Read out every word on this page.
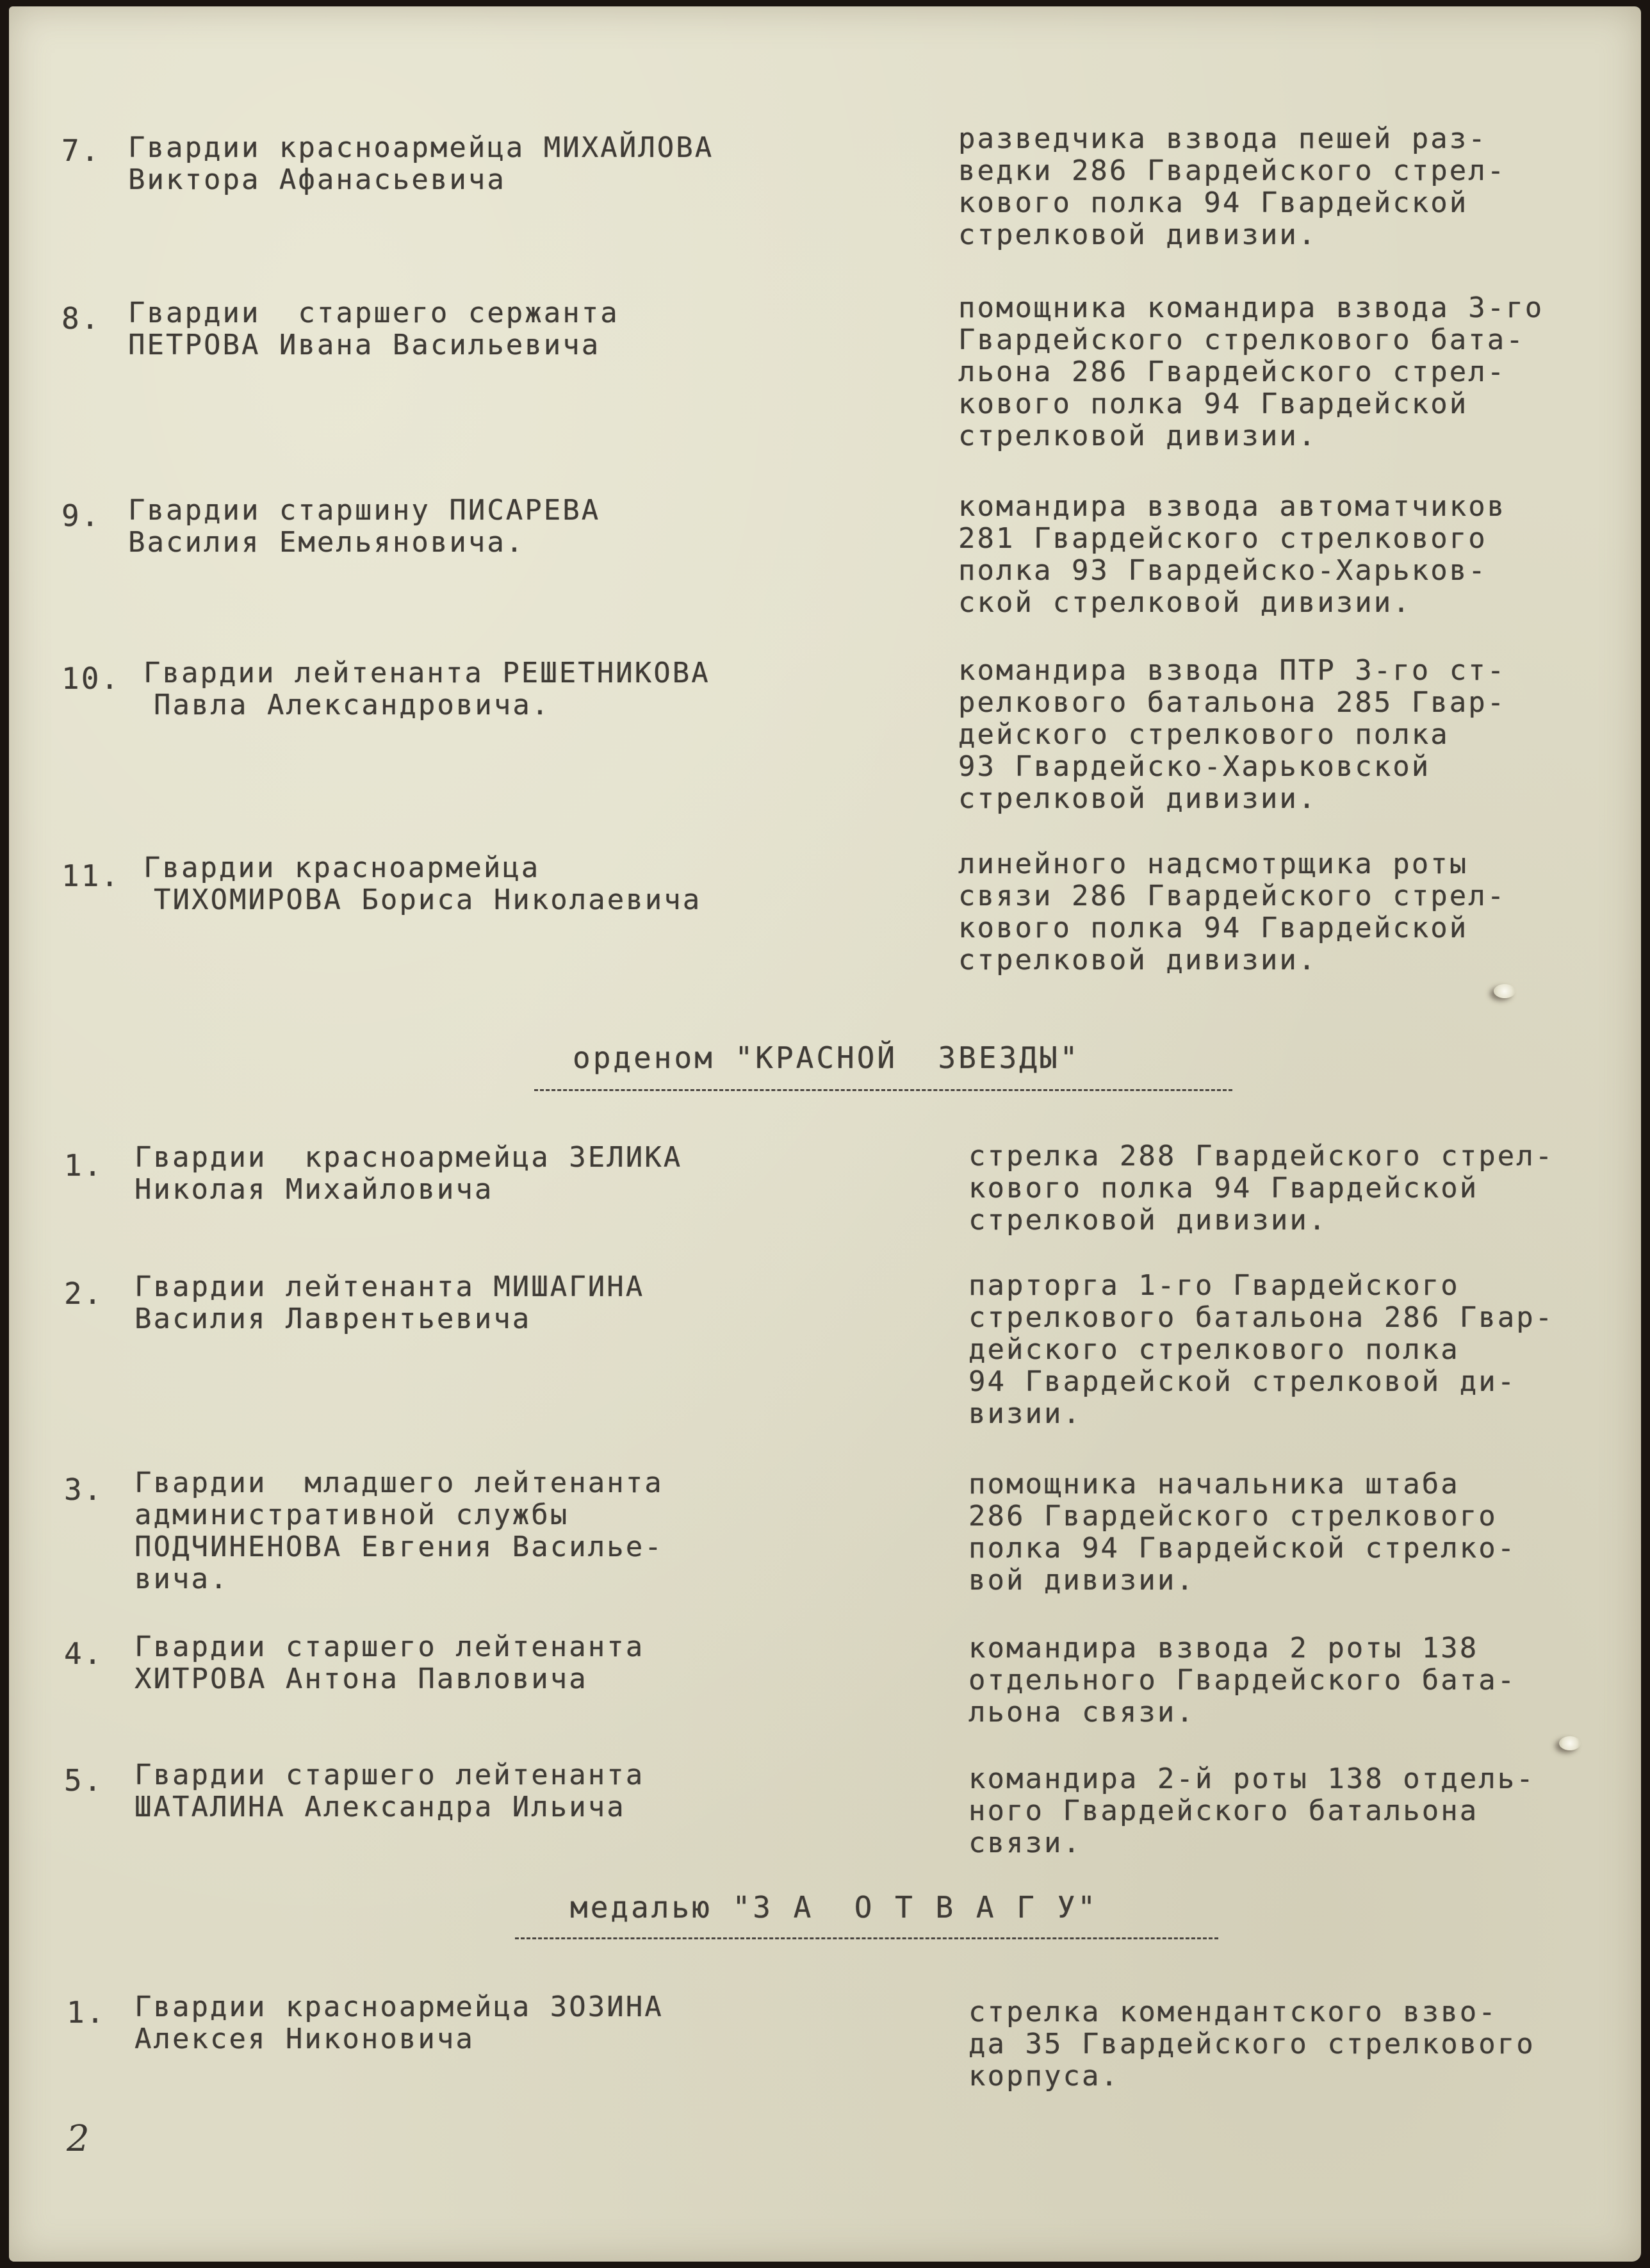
7. Гвардии красноармейца МИХАЙЛОВА
Виктора Афанасьевича
разведчика взвода пешей раз-
ведки 286 Гвардейского стрел-
кового полка 94 Гвардейской
стрелковой дивизии.
8. Гвардии  старшего сержанта
ПЕТРОВА Ивана Васильевича
помощника командира взвода 3-го
Гвардейского стрелкового бата-
льона 286 Гвардейского стрел-
кового полка 94 Гвардейской
стрелковой дивизии.
9. Гвардии старшину ПИСАРЕВА
Василия Емельяновича.
командира взвода автоматчиков
281 Гвардейского стрелкового
полка 93 Гвардейско-Харьков-
ской стрелковой дивизии.
10. Гвардии лейтенанта РЕШЕТНИКОВА
Павла Александровича.
командира взвода ПТР 3-го ст-
релкового батальона 285 Гвар-
дейского стрелкового полка
93 Гвардейско-Харьковской
стрелковой дивизии.
11. Гвардии красноармейца
ТИХОМИРОВА Бориса Николаевича
линейного надсмотрщика роты
связи 286 Гвардейского стрел-
кового полка 94 Гвардейской
стрелковой дивизии.
орденом "КРАСНОЙ  ЗВЕЗДЫ"
1. Гвардии  красноармейца ЗЕЛИКА
Николая Михайловича
стрелка 288 Гвардейского стрел-
кового полка 94 Гвардейской
стрелковой дивизии.
2. Гвардии лейтенанта МИШАГИНА
Василия Лаврентьевича
парторга 1-го Гвардейского
стрелкового батальона 286 Гвар-
дейского стрелкового полка
94 Гвардейской стрелковой ди-
визии.
3. Гвардии  младшего лейтенанта
административной службы
ПОДЧИНЕНОВА Евгения Василье-
вича.
помощника начальника штаба
286 Гвардейского стрелкового
полка 94 Гвардейской стрелко-
вой дивизии.
4. Гвардии старшего лейтенанта
ХИТРОВА Антона Павловича
командира взвода 2 роты 138
отдельного Гвардейского бата-
льона связи.
5. Гвардии старшего лейтенанта
ШАТАЛИНА Александра Ильича
командира 2-й роты 138 отдель-
ного Гвардейского батальона
связи.
медалью "З А  О Т В А Г У"
1. Гвардии красноармейца ЗОЗИНА
Алексея Никоновича
стрелка комендантского взво-
да 35 Гвардейского стрелкового
корпуса.
2
